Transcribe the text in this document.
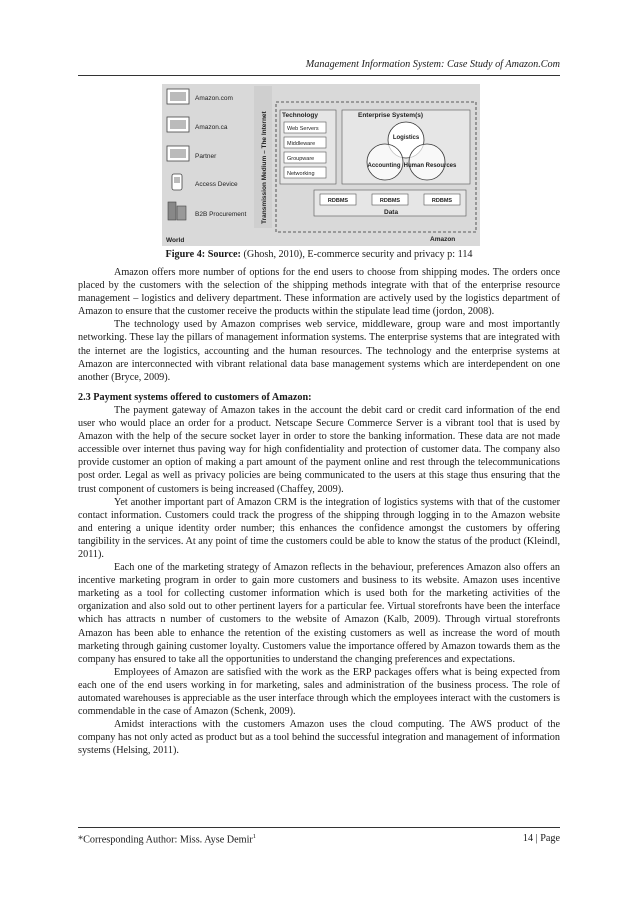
Management Information System: Case Study of Amazon.Com
Amazon.com
Amazon.ca
Partner
Access Device
B2B Procurement
World
Transmission Medium – The Internet Technology
Web Servers
Middleware
Groupware
Networking
Enterprise System(s)
Logistics
Accounting Human Resources
RDBMS	RDBMS	RDBMS
Data
Amazon
Figure 4: Source: (Ghosh, 2010), E-commerce security and privacy p: 114

Amazon offers more number of options for the end users to choose from shipping modes. The orders once placed by the customers with the selection of the shipping methods integrate with that of the enterprise resource management – logistics and delivery department. These information are actively used by the logistics department of Amazon to ensure that the customer receive the products within the stipulate lead time (jordon, 2008).

The technology used by Amazon comprises web service, middleware, group ware and most importantly networking. These lay the pillars of management information systems. The enterprise systems that are integrated with the internet are the logistics, accounting and the human resources. The technology and the enterprise systems at Amazon are interconnected with vibrant relational data base management systems which are interdependent on one another (Bryce, 2009).

2.3 Payment systems offered to customers of Amazon:

The payment gateway of Amazon takes in the account the debit card or credit card information of the end user who would place an order for a product. Netscape Secure Commerce Server is a vibrant tool that is used by Amazon with the help of the secure socket layer in order to store the banking information. These data are not made accessible over internet thus paving way for high confidentiality and protection of customer data. The company also provide customer an option of making a part amount of the payment online and rest through the telecommunications post order. Legal as well as privacy policies are being communicated to the users at this stage thus ensuring that the trust component of customers is being increased (Chaffey, 2009).

Yet another important part of Amazon CRM is the integration of logistics systems with that of the customer contact information. Customers could track the progress of the shipping through logging in to the Amazon website and entering a unique identity order number; this enhances the confidence amongst the customers by offering tangibility in the services. At any point of time the customers could be able to know the status of the product (Kleindl, 2011).

Each one of the marketing strategy of Amazon reflects in the behaviour, preferences Amazon also offers an incentive marketing program in order to gain more customers and business to its website. Amazon uses incentive marketing as a tool for collecting customer information which is used both for the marketing activities of the organization and also sold out to other pertinent layers for a particular fee. Virtual storefronts have been the interface which has attracts n number of customers to the website of Amazon (Kalb, 2009). Through virtual storefronts Amazon has been able to enhance the retention of the existing customers as well as increase the word of mouth marketing through gaining customer loyalty. Customers value the importance offered by Amazon towards them as the company has ensured to take all the opportunities to understand the changing preferences and expectations.

Employees of Amazon are satisfied with the work as the ERP packages offers what is being expected from each one of the end users working in for marketing, sales and administration of the business process. The role of automated warehouses is appreciable as the user interface through which the employees interact with the customers is commendable in the case of Amazon (Schenk, 2009).

Amidst interactions with the customers Amazon uses the cloud computing. The AWS product of the company has not only acted as product but as a tool behind the successful integration and management of information systems (Helsing, 2011).

*Corresponding Author: Miss. Ayse Demir$^1$	14 | Page
